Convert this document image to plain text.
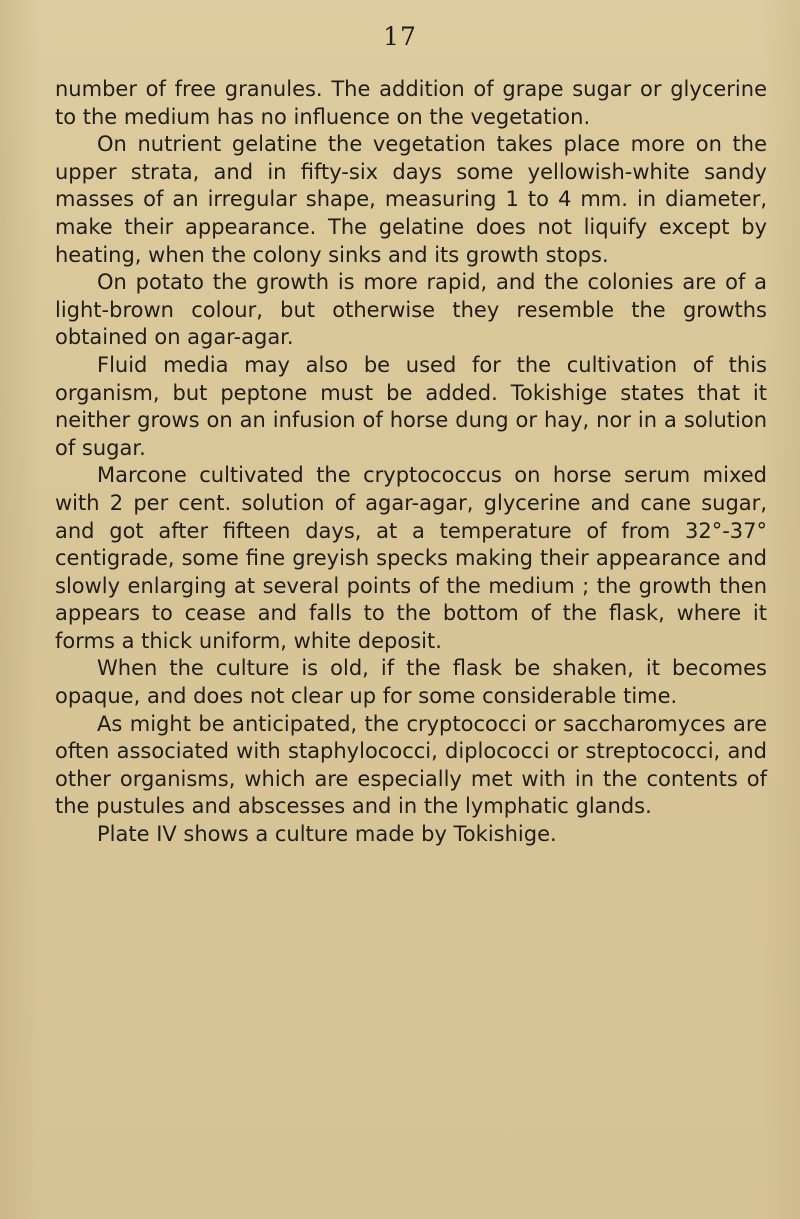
17

number of free granules. The addition of grape sugar or glycerine to the medium has no influence on the vegetation.

On nutrient gelatine the vegetation takes place more on the upper strata, and in fifty-six days some yellowish-white sandy masses of an irregular shape, measuring 1 to 4 mm. in diameter, make their appearance. The gelatine does not liquify except by heating, when the colony sinks and its growth stops.

On potato the growth is more rapid, and the colonies are of a light-brown colour, but otherwise they resemble the growths obtained on agar-agar.

Fluid media may also be used for the cultivation of this organism, but peptone must be added. Tokishige states that it neither grows on an infusion of horse dung or hay, nor in a solution of sugar.

Marcone cultivated the cryptococcus on horse serum mixed with 2 per cent. solution of agar-agar, glycerine and cane sugar, and got after fifteen days, at a temperature of from 32°-37° centigrade, some fine greyish specks making their appearance and slowly enlarging at several points of the medium ; the growth then appears to cease and falls to the bottom of the flask, where it forms a thick uniform, white deposit.

When the culture is old, if the flask be shaken, it becomes opaque, and does not clear up for some considerable time.

As might be anticipated, the cryptococci or saccharomyces are often associated with staphylococci, diplococci or streptococci, and other organisms, which are especially met with in the contents of the pustules and abscesses and in the lymphatic glands.

Plate IV shows a culture made by Tokishige.
